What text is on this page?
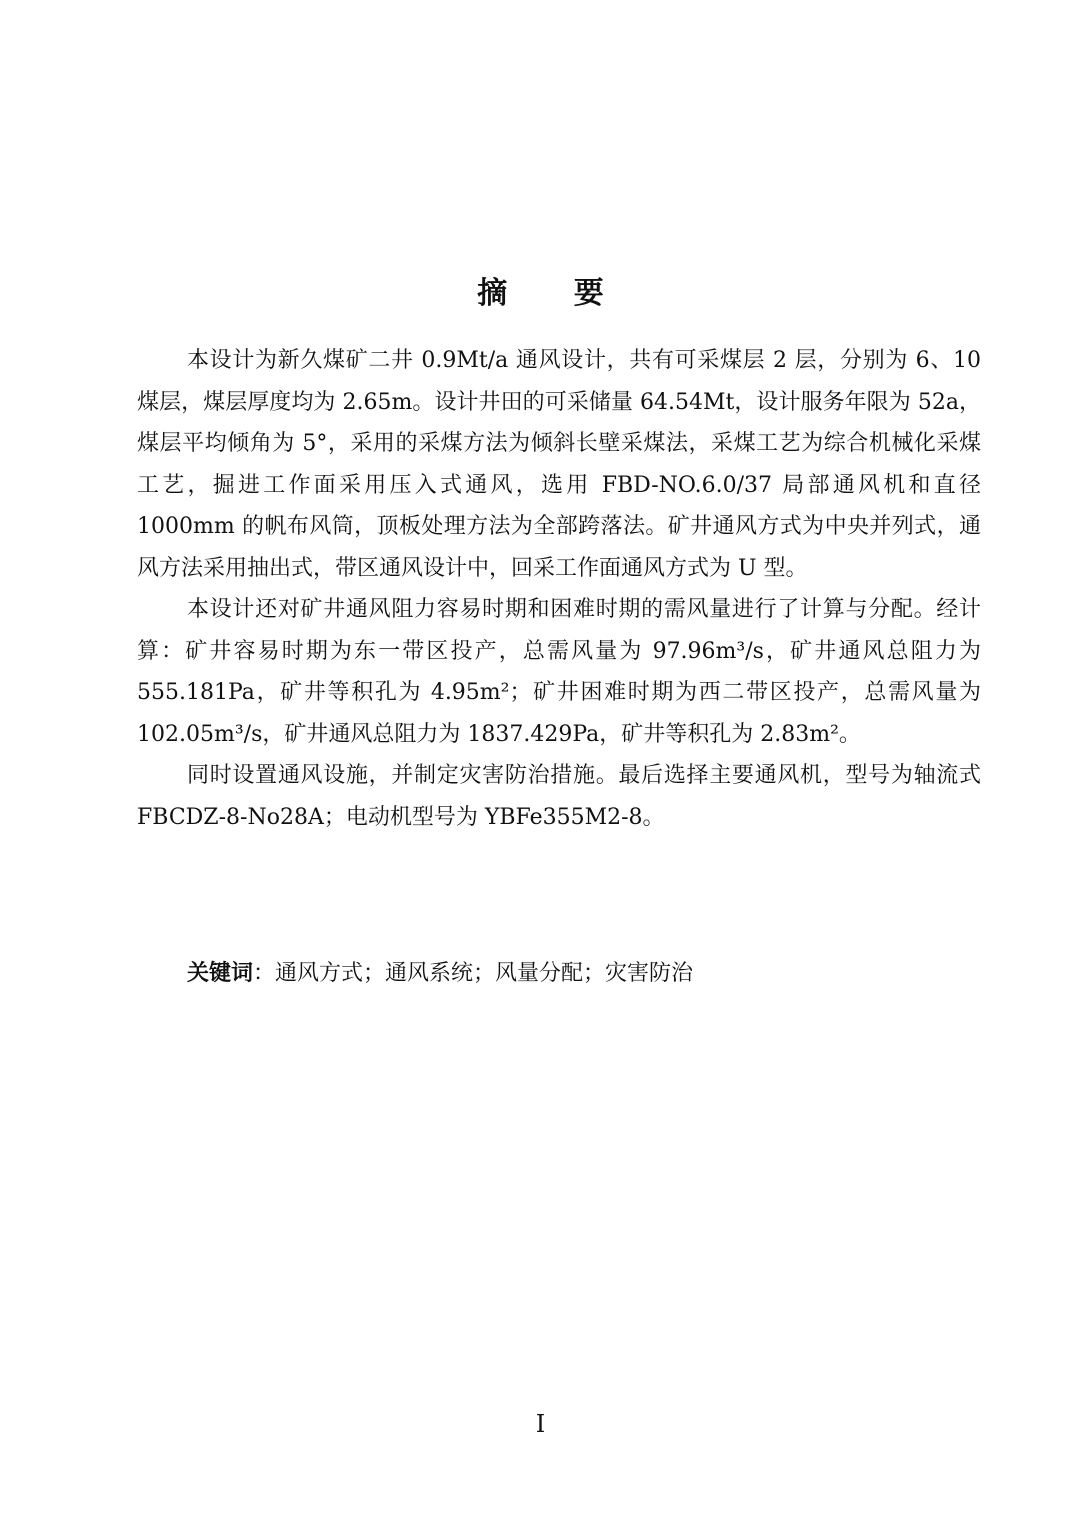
摘 要

本设计为新久煤矿二井 0.9Mt/a 通风设计，共有可采煤层 2 层，分别为 6、10 煤层，煤层厚度均为 2.65m。设计井田的可采储量 64.54Mt，设计服务年限为 52a，煤层平均倾角为 5°，采用的采煤方法为倾斜长壁采煤法，采煤工艺为综合机械化采煤工艺，掘进工作面采用压入式通风，选用 FBD-NO.6.0/37 局部通风机和直径 1000mm 的帆布风筒，顶板处理方法为全部跨落法。矿井通风方式为中央并列式，通风方法采用抽出式，带区通风设计中，回采工作面通风方式为 U 型。

本设计还对矿井通风阻力容易时期和困难时期的需风量进行了计算与分配。经计算：矿井容易时期为东一带区投产，总需风量为 97.96m³/s，矿井通风总阻力为 555.181Pa，矿井等积孔为 4.95m²；矿井困难时期为西二带区投产，总需风量为 102.05m³/s，矿井通风总阻力为 1837.429Pa，矿井等积孔为 2.83m²。

同时设置通风设施，并制定灾害防治措施。最后选择主要通风机，型号为轴流式 FBCDZ-8-No28A；电动机型号为 YBFe355M2-8。

关键词：通风方式；通风系统；风量分配；灾害防治

I
